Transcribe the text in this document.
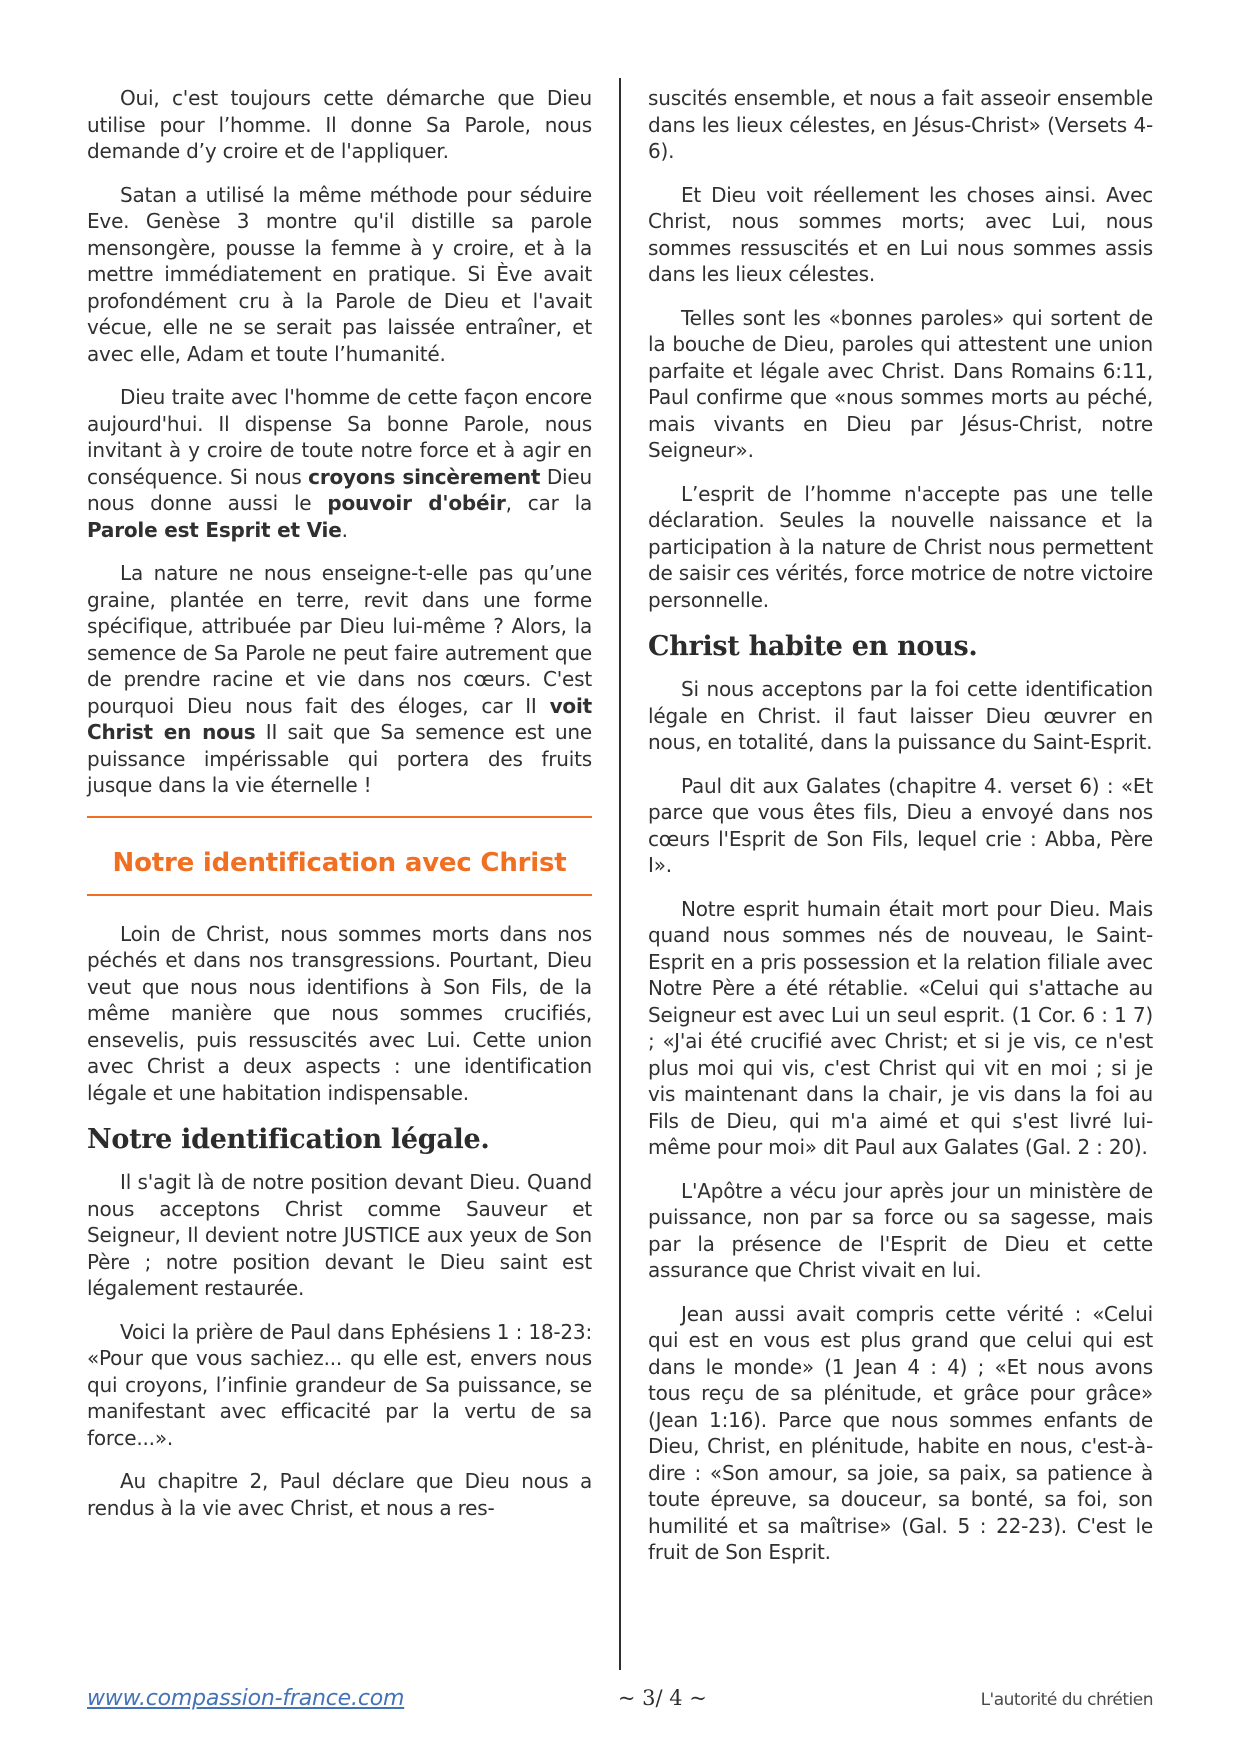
Oui, c'est toujours cette démarche que Dieu utilise pour l’homme. Il donne Sa Parole, nous demande d’y croire et de l'appliquer.

Satan a utilisé la même méthode pour séduire Eve. Genèse 3 montre qu'il distille sa parole mensongère, pousse la femme à y croire, et à la mettre immédiatement en pratique. Si Ève avait profondément cru à la Parole de Dieu et l'avait vécue, elle ne se serait pas laissée entraîner, et avec elle, Adam et toute l’humanité.

Dieu traite avec l'homme de cette façon encore aujourd'hui. Il dispense Sa bonne Parole, nous invitant à y croire de toute notre force et à agir en conséquence. Si nous croyons sincèrement Dieu nous donne aussi le pouvoir d'obéir, car la Parole est Esprit et Vie.

La nature ne nous enseigne-t-elle pas qu’une graine, plantée en terre, revit dans une forme spécifique, attribuée par Dieu lui-même ? Alors, la semence de Sa Parole ne peut faire autrement que de prendre racine et vie dans nos cœurs. C'est pourquoi Dieu nous fait des éloges, car II voit Christ en nous II sait que Sa semence est une puissance impérissable qui portera des fruits jusque dans la vie éternelle !

Notre identification avec Christ

Loin de Christ, nous sommes morts dans nos péchés et dans nos transgressions. Pourtant, Dieu veut que nous nous identifions à Son Fils, de la même manière que nous sommes crucifiés, ensevelis, puis ressuscités avec Lui. Cette union avec Christ a deux aspects : une identification légale et une habitation indispensable.

Notre identification légale.

Il s'agit là de notre position devant Dieu. Quand nous acceptons Christ comme Sauveur et Seigneur, Il devient notre JUSTICE aux yeux de Son Père ; notre position devant le Dieu saint est légalement restaurée.

Voici la prière de Paul dans Ephésiens 1 : 18-23: «Pour que vous sachiez... qu elle est, envers nous qui croyons, l’infinie grandeur de Sa puissance, se manifestant avec efficacité par la vertu de sa force...».

Au chapitre 2, Paul déclare que Dieu nous a rendus à la vie avec Christ, et nous a res-

suscités ensemble, et nous a fait asseoir ensemble dans les lieux célestes, en Jésus-Christ» (Versets 4-6).

Et Dieu voit réellement les choses ainsi. Avec Christ, nous sommes morts; avec Lui, nous sommes ressuscités et en Lui nous sommes assis dans les lieux célestes.

Telles sont les «bonnes paroles» qui sortent de la bouche de Dieu, paroles qui attestent une union parfaite et légale avec Christ. Dans Romains 6:11, Paul confirme que «nous sommes morts au péché, mais vivants en Dieu par Jésus-Christ, notre Seigneur».

L’esprit de l’homme n'accepte pas une telle déclaration. Seules la nouvelle naissance et la participation à la nature de Christ nous permettent de saisir ces vérités, force motrice de notre victoire personnelle.

Christ habite en nous.

Si nous acceptons par la foi cette identification légale en Christ. il faut laisser Dieu œuvrer en nous, en totalité, dans la puissance du Saint-Esprit.

Paul dit aux Galates (chapitre 4. verset 6) : «Et parce que vous êtes fils, Dieu a envoyé dans nos cœurs l'Esprit de Son Fils, lequel crie : Abba, Père I».

Notre esprit humain était mort pour Dieu. Mais quand nous sommes nés de nouveau, le Saint-Esprit en a pris possession et la relation filiale avec Notre Père a été rétablie. «Celui qui s'attache au Seigneur est avec Lui un seul esprit. (1 Cor. 6 : 1 7) ; «J'ai été crucifié avec Christ; et si je vis, ce n'est plus moi qui vis, c'est Christ qui vit en moi ; si je vis maintenant dans la chair, je vis dans la foi au Fils de Dieu, qui m'a aimé et qui s'est livré lui-même pour moi» dit Paul aux Galates (Gal. 2 : 20).

L'Apôtre a vécu jour après jour un ministère de puissance, non par sa force ou sa sagesse, mais par la présence de l'Esprit de Dieu et cette assurance que Christ vivait en lui.

Jean aussi avait compris cette vérité : «Celui qui est en vous est plus grand que celui qui est dans le monde» (1 Jean 4 : 4) ; «Et nous avons tous reçu de sa plénitude, et grâce pour grâce» (Jean 1:16). Parce que nous sommes enfants de Dieu, Christ, en plénitude, habite en nous, c'est-à-dire : «Son amour, sa joie, sa paix, sa patience à toute épreuve, sa douceur, sa bonté, sa foi, son humilité et sa maîtrise» (Gal. 5 : 22-23). C'est le fruit de Son Esprit.

www.compassion-france.com	~ 3/ 4 ~	L'autorité du chrétien
